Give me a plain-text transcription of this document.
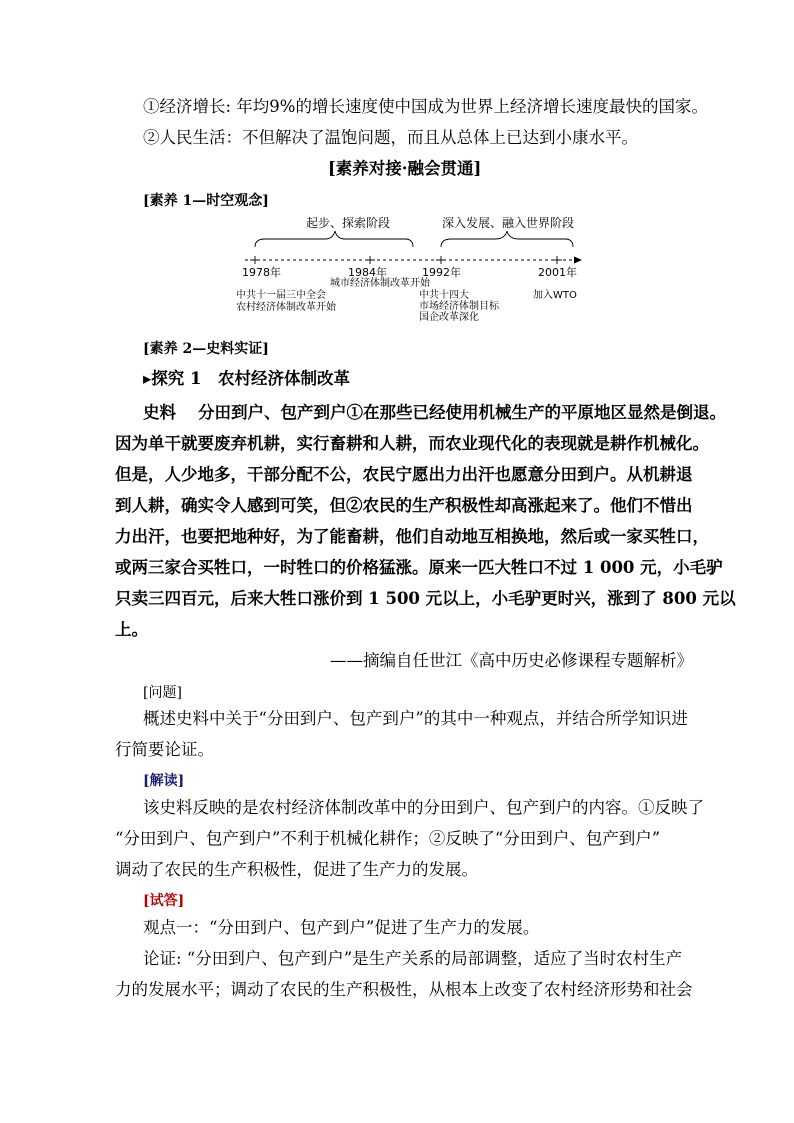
①经济增长: 年均9%的增长速度使中国成为世界上经济增长速度最快的国家。
②人民生活：不但解决了温饱问题，而且从总体上已达到小康水平。
[素养对接·融会贯通]
[素养 1—时空观念]
起步、探索阶段	深入发展、融入世界阶段
1978年	1984年	1992年	2001年
城市经济体制改革开始
中共十一届三中全会
农村经济体制改革开始
中共十四大
市场经济体制目标
国企改革深化
加入WTO
[素养 2—史料实证]
▸探究 1　农村经济体制改革
史料 分田到户、包产到户①在那些已经使用机械生产的平原地区显然是倒退。
因为单干就要废弃机耕，实行畜耕和人耕，而农业现代化的表现就是耕作机械化。
但是，人少地多，干部分配不公，农民宁愿出力出汗也愿意分田到户。从机耕退
到人耕，确实令人感到可笑，但②农民的生产积极性却高涨起来了。他们不惜出
力出汗，也要把地种好，为了能畜耕，他们自动地互相换地，然后或一家买牲口，
或两三家合买牲口，一时牲口的价格猛涨。原来一匹大牲口不过 1 000 元，小毛驴
只卖三四百元，后来大牲口涨价到 1 500 元以上，小毛驴更时兴，涨到了 800 元以
上。
——摘编自任世江《高中历史必修课程专题解析》
[问题]
概述史料中关于“分田到户、包产到户”的其中一种观点，并结合所学知识进
行简要论证。
[解读]
该史料反映的是农村经济体制改革中的分田到户、包产到户的内容。①反映了
“分田到户、包产到户”不利于机械化耕作；②反映了“分田到户、包产到户”
调动了农民的生产积极性，促进了生产力的发展。
[试答]
观点一：“分田到户、包产到户”促进了生产力的发展。
论证: “分田到户、包产到户”是生产关系的局部调整，适应了当时农村生产
力的发展水平；调动了农民的生产积极性，从根本上改变了农村经济形势和社会
